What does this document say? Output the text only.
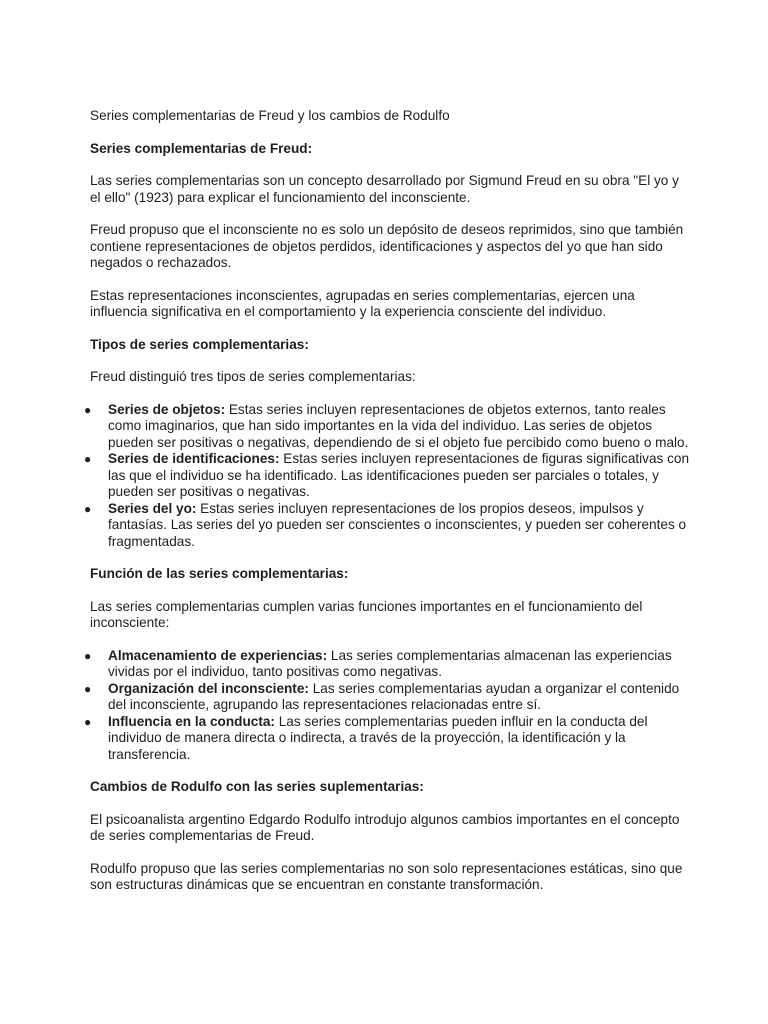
Series complementarias de Freud y los cambios de Rodulfo

Series complementarias de Freud:

Las series complementarias son un concepto desarrollado por Sigmund Freud en su obra "El yo y el ello" (1923) para explicar el funcionamiento del inconsciente.

Freud propuso que el inconsciente no es solo un depósito de deseos reprimidos, sino que también contiene representaciones de objetos perdidos, identificaciones y aspectos del yo que han sido negados o rechazados.

Estas representaciones inconscientes, agrupadas en series complementarias, ejercen una influencia significativa en el comportamiento y la experiencia consciente del individuo.

Tipos de series complementarias:

Freud distinguió tres tipos de series complementarias:

● Series de objetos: Estas series incluyen representaciones de objetos externos, tanto reales como imaginarios, que han sido importantes en la vida del individuo. Las series de objetos pueden ser positivas o negativas, dependiendo de si el objeto fue percibido como bueno o malo.
● Series de identificaciones: Estas series incluyen representaciones de figuras significativas con las que el individuo se ha identificado. Las identificaciones pueden ser parciales o totales, y pueden ser positivas o negativas.
● Series del yo: Estas series incluyen representaciones de los propios deseos, impulsos y fantasías. Las series del yo pueden ser conscientes o inconscientes, y pueden ser coherentes o fragmentadas.

Función de las series complementarias:

Las series complementarias cumplen varias funciones importantes en el funcionamiento del inconsciente:

● Almacenamiento de experiencias: Las series complementarias almacenan las experiencias vividas por el individuo, tanto positivas como negativas.
● Organización del inconsciente: Las series complementarias ayudan a organizar el contenido del inconsciente, agrupando las representaciones relacionadas entre sí.
● Influencia en la conducta: Las series complementarias pueden influir en la conducta del individuo de manera directa o indirecta, a través de la proyección, la identificación y la transferencia.

Cambios de Rodulfo con las series suplementarias:

El psicoanalista argentino Edgardo Rodulfo introdujo algunos cambios importantes en el concepto de series complementarias de Freud.

Rodulfo propuso que las series complementarias no son solo representaciones estáticas, sino que son estructuras dinámicas que se encuentran en constante transformación.
